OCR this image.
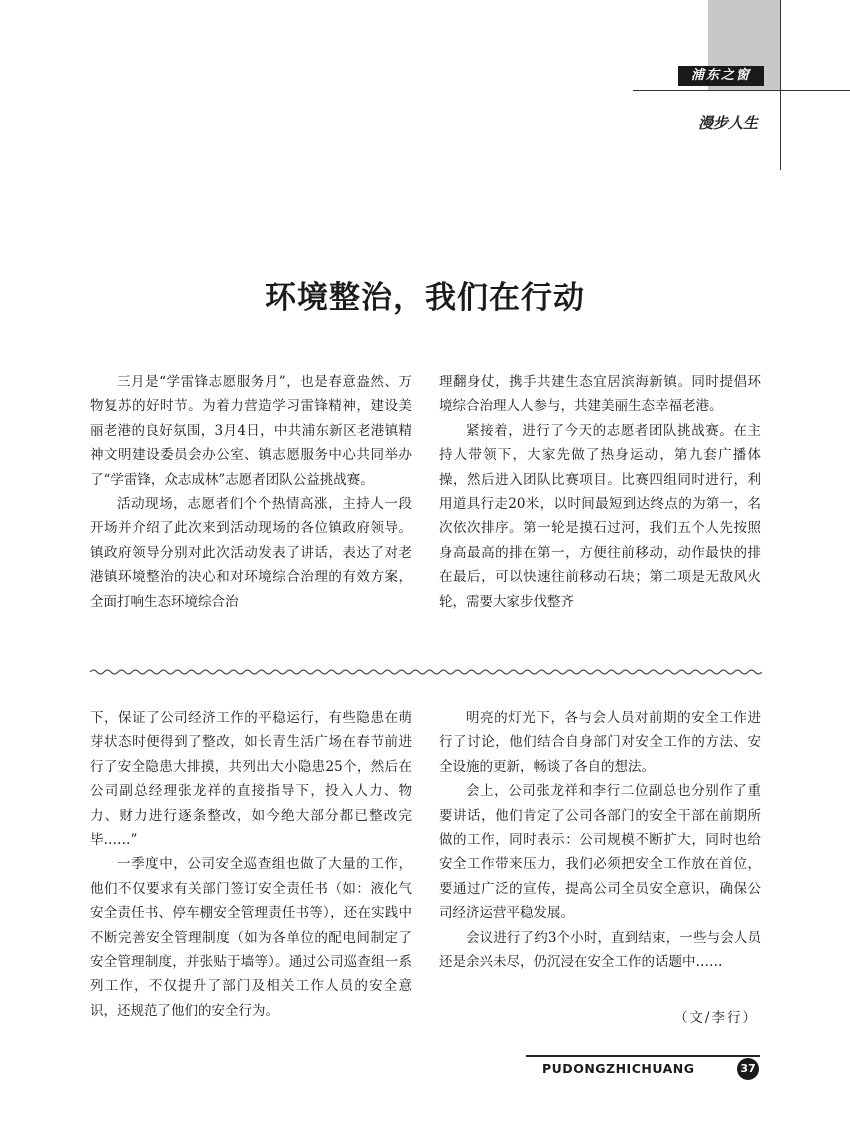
浦东之窗
漫步人生
环境整治，我们在行动

三月是“学雷锋志愿服务月”，也是春意盎然、万物复苏的好时节。为着力营造学习雷锋精神，建设美丽老港的良好氛围，3月4日，中共浦东新区老港镇精神文明建设委员会办公室、镇志愿服务中心共同举办了“学雷锋，众志成林”志愿者团队公益挑战赛。

活动现场，志愿者们个个热情高涨，主持人一段开场并介绍了此次来到活动现场的各位镇政府领导。镇政府领导分别对此次活动发表了讲话，表达了对老港镇环境整治的决心和对环境综合治理的有效方案，全面打响生态环境综合治

理翻身仗，携手共建生态宜居滨海新镇。同时提倡环境综合治理人人参与，共建美丽生态幸福老港。

紧接着，进行了今天的志愿者团队挑战赛。在主持人带领下，大家先做了热身运动，第九套广播体操，然后进入团队比赛项目。比赛四组同时进行，利用道具行走20米，以时间最短到达终点的为第一，名次依次排序。第一轮是摸石过河，我们五个人先按照身高最高的排在第一，方便往前移动，动作最快的排在最后，可以快速往前移动石块；第二项是无敌风火轮，需要大家步伐整齐

下，保证了公司经济工作的平稳运行，有些隐患在萌芽状态时便得到了整改，如长青生活广场在春节前进行了安全隐患大排摸，共列出大小隐患25个，然后在公司副总经理张龙祥的直接指导下，投入人力、物力、财力进行逐条整改，如今绝大部分都已整改完毕……”

一季度中，公司安全巡查组也做了大量的工作，他们不仅要求有关部门签订安全责任书（如：液化气安全责任书、停车棚安全管理责任书等），还在实践中不断完善安全管理制度（如为各单位的配电间制定了安全管理制度，并张贴于墙等）。通过公司巡查组一系列工作，不仅提升了部门及相关工作人员的安全意识，还规范了他们的安全行为。

明亮的灯光下，各与会人员对前期的安全工作进行了讨论，他们结合自身部门对安全工作的方法、安全设施的更新，畅谈了各自的想法。

会上，公司张龙祥和李行二位副总也分别作了重要讲话，他们肯定了公司各部门的安全干部在前期所做的工作，同时表示：公司规模不断扩大，同时也给安全工作带来压力，我们必须把安全工作放在首位，要通过广泛的宣传，提高公司全员安全意识，确保公司经济运营平稳发展。

会议进行了约3个小时，直到结束，一些与会人员还是余兴未尽，仍沉浸在安全工作的话题中……

（文/李行）
PUDONGZHICHUANG	37
